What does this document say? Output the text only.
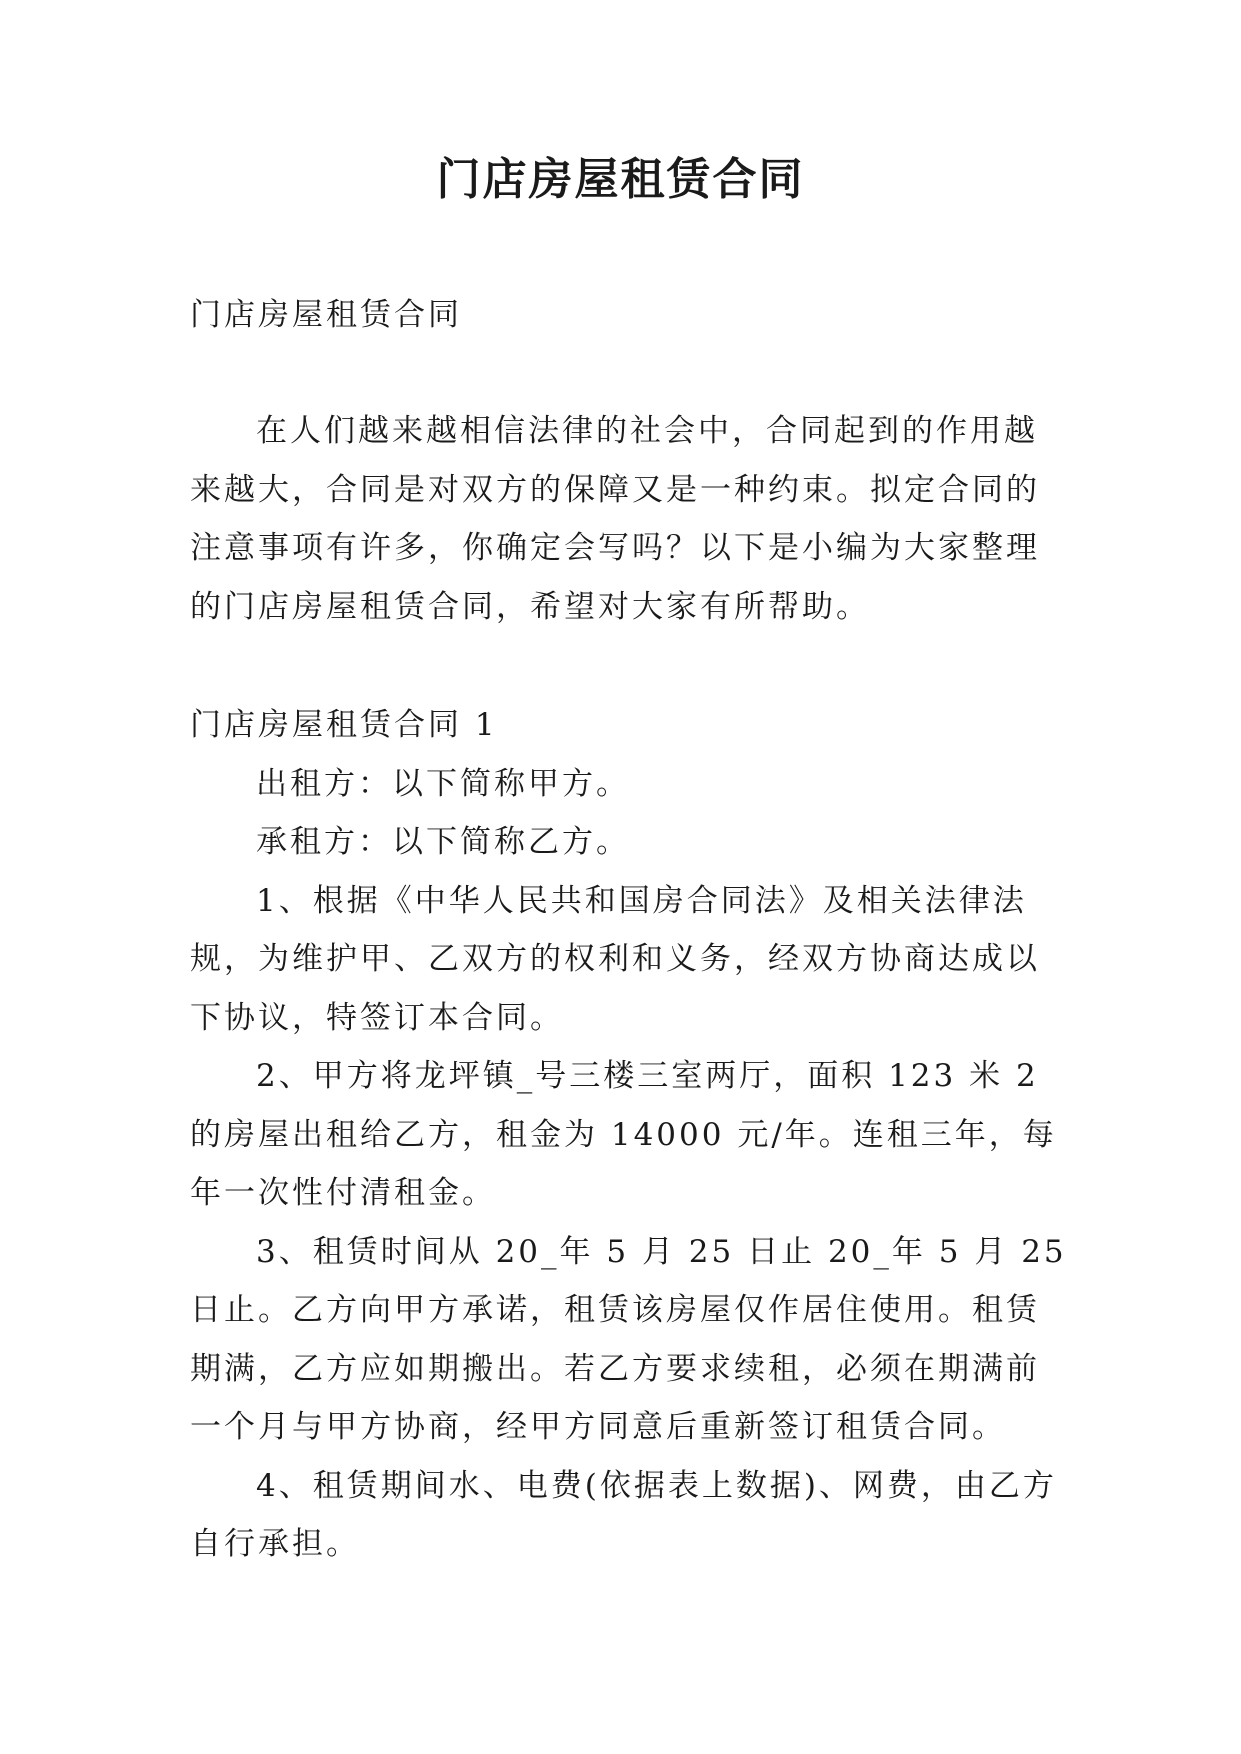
门店房屋租赁合同

门店房屋租赁合同

在人们越来越相信法律的社会中，合同起到的作用越来越大，合同是对双方的保障又是一种约束。拟定合同的注意事项有许多，你确定会写吗？以下是小编为大家整理的门店房屋租赁合同，希望对大家有所帮助。

门店房屋租赁合同 1

出租方：以下简称甲方。

承租方：以下简称乙方。

1、根据《中华人民共和国房合同法》及相关法律法规，为维护甲、乙双方的权利和义务，经双方协商达成以下协议，特签订本合同。

2、甲方将龙坪镇_号三楼三室两厅，面积 123 米 2 的房屋出租给乙方，租金为 14000 元/年。连租三年，每年一次性付清租金。

3、租赁时间从 20_年 5 月 25 日止 20_年 5 月 25 日止。乙方向甲方承诺，租赁该房屋仅作居住使用。租赁期满，乙方应如期搬出。若乙方要求续租，必须在期满前一个月与甲方协商，经甲方同意后重新签订租赁合同。

4、租赁期间水、电费(依据表上数据)、网费，由乙方自行承担。
